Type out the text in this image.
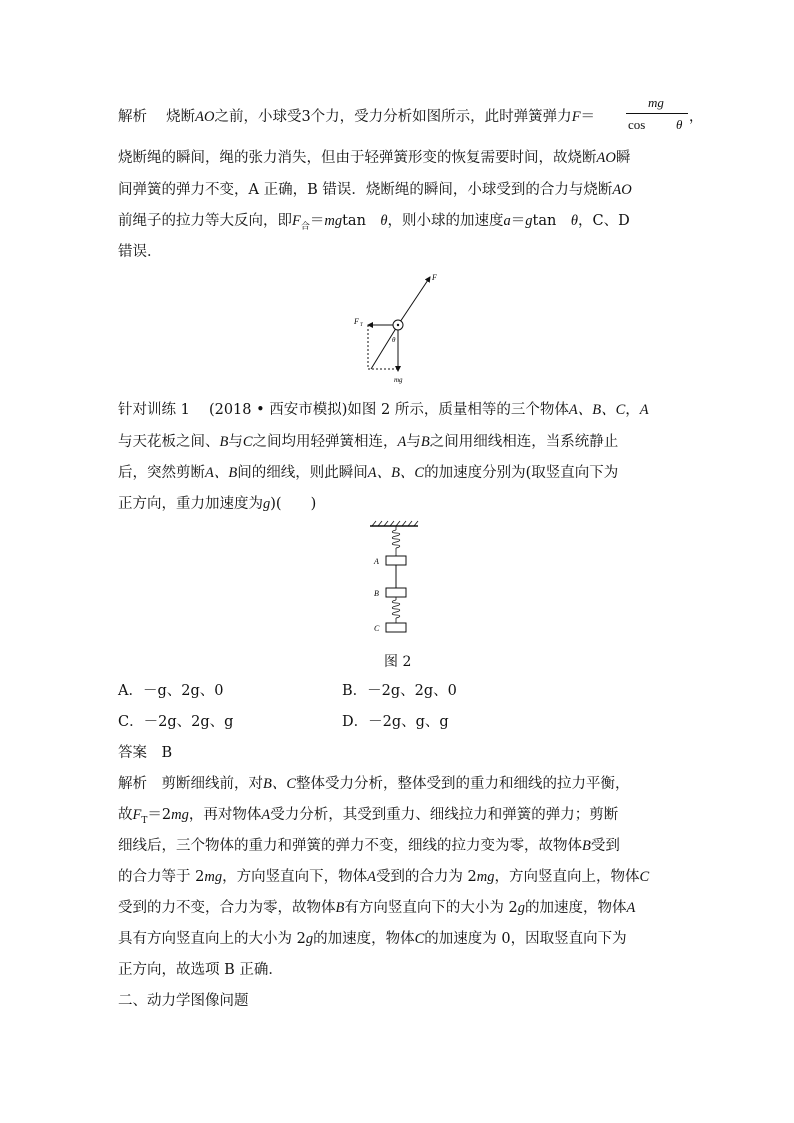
解析　 烧断AO之前，小球受3个力，受力分析如图所示，此时弹簧弹力F＝
mg
cos θ ，
烧断绳的瞬间，绳的张力消失，但由于轻弹簧形变的恢复需要时间，故烧断AO瞬
间弹簧的弹力不变，A 正确，B 错误．烧断绳的瞬间，小球受到的合力与烧断AO
前绳子的拉力等大反向，即$F_合=mgtan$　θ，则小球的加速度a＝gtan　θ，C、D
错误．
F
F T
θ
mg
针对训练 1　 (2018 • 西安市模拟)如图 2 所示，质量相等的三个物体A、B、C，A
与天花板之间、B与C之间均用轻弹簧相连，A与B之间用细线相连，当系统静止
后，突然剪断A、B间的细线，则此瞬间A、B、C的加速度分别为(取竖直向下为
正方向，重力加速度为g)(　　)
A
B
C
图 2
A．－g、2g、0	B．－2g、2g、0
C．－2g、2g、g	D．－2g、g、g
答案　 B
解析　 剪断细线前，对B、C整体受力分析，整体受到的重力和细线的拉力平衡，
故$F_T=2mg$，再对物体A受力分析，其受到重力、细线拉力和弹簧的弹力；剪断
细线后，三个物体的重力和弹簧的弹力不变，细线的拉力变为零，故物体B受到
的合力等于 2mg，方向竖直向下，物体A受到的合力为 2mg，方向竖直向上，物体C
受到的力不变，合力为零，故物体B有方向竖直向下的大小为 2g的加速度，物体A
具有方向竖直向上的大小为 2g的加速度，物体C的加速度为 0，因取竖直向下为
正方向，故选项 B 正确．
二、动力学图像问题
